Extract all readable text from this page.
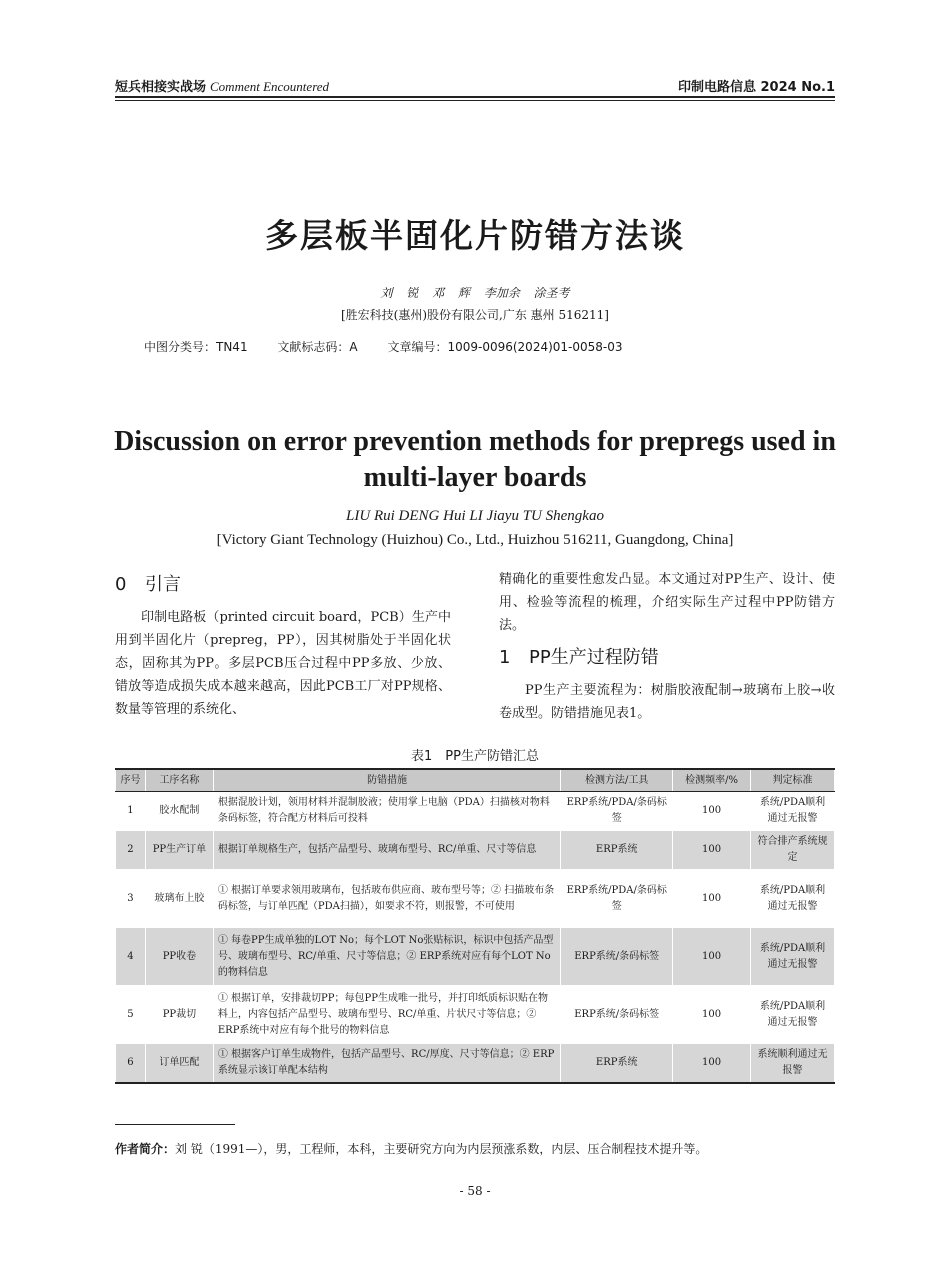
短兵相接实战场 Comment Encountered	印制电路信息 2024 No.1
多层板半固化片防错方法谈
刘 锐 邓 辉 李加余 涂圣考
[胜宏科技(惠州)股份有限公司,广东 惠州 516211]
中图分类号：TN41 文献标志码：A 文章编号：1009-0096(2024)01-0058-03
Discussion on error prevention methods for prepregs used in multi-layer boards
LIU Rui DENG Hui LI Jiayu TU Shengkao
[Victory Giant Technology (Huizhou) Co., Ltd., Huizhou 516211, Guangdong, China]
0 引言

印制电路板（printed circuit board，PCB）生产中用到半固化片（prepreg，PP），因其树脂处于半固化状态，固称其为PP。多层PCB压合过程中PP多放、少放、错放等造成损失成本越来越高，因此PCB工厂对PP规格、数量等管理的系统化、

精确化的重要性愈发凸显。本文通过对PP生产、设计、使用、检验等流程的梳理，介绍实际生产过程中PP防错方法。

1 PP生产过程防错

PP生产主要流程为：树脂胶液配制→玻璃布上胶→收卷成型。防错措施见表1。

表1　PP生产防错汇总
序号	工序名称	防错措施	检测方法/工具	检测频率/%	判定标准
1	胶水配制	根据混胶计划，领用材料并混制胶液；使用掌上电脑（PDA）扫描核对物料条码标签，符合配方材料后可投料	ERP系统/PDA/条码标签	100	系统/PDA顺利通过无报警
2	PP生产订单	根据订单规格生产，包括产品型号、玻璃布型号、RC/单重、尺寸等信息	ERP系统	100	符合排产系统规定
3	玻璃布上胶	① 根据订单要求领用玻璃布，包括玻布供应商、玻布型号等；② 扫描玻布条码标签，与订单匹配（PDA扫描），如要求不符，则报警，不可使用	ERP系统/PDA/条码标签	100	系统/PDA顺利通过无报警
4	PP收卷	① 每卷PP生成单独的LOT No；每个LOT No张贴标识，标识中包括产品型号、玻璃布型号、RC/单重、尺寸等信息；② ERP系统对应有每个LOT No的物料信息	ERP系统/条码标签	100	系统/PDA顺利通过无报警
5	PP裁切	① 根据订单，安排裁切PP；每包PP生成唯一批号，并打印纸质标识贴在物料上，内容包括产品型号、玻璃布型号、RC/单重、片状尺寸等信息；② ERP系统中对应有每个批号的物料信息	ERP系统/条码标签	100	系统/PDA顺利通过无报警
6	订单匹配	① 根据客户订单生成物件，包括产品型号、RC/厚度、尺寸等信息；② ERP系统显示该订单配本结构	ERP系统	100	系统顺利通过无报警
作者简介：刘 锐（1991—），男，工程师，本科，主要研究方向为内层预涨系数，内层、压合制程技术提升等。
- 58 -
